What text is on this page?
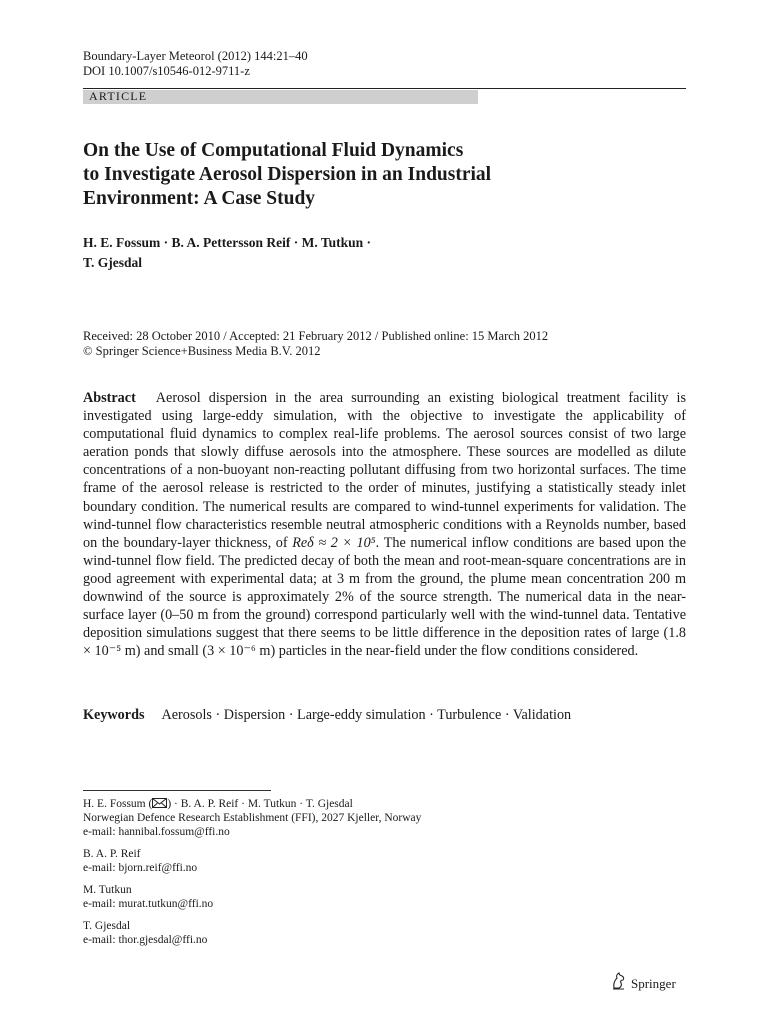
Boundary-Layer Meteorol (2012) 144:21–40
DOI 10.1007/s10546-012-9711-z
ARTICLE
On the Use of Computational Fluid Dynamics
to Investigate Aerosol Dispersion in an Industrial
Environment: A Case Study
H. E. Fossum · B. A. Pettersson Reif · M. Tutkun ·
T. Gjesdal
Received: 28 October 2010 / Accepted: 21 February 2012 / Published online: 15 March 2012
© Springer Science+Business Media B.V. 2012
Abstract Aerosol dispersion in the area surrounding an existing biological treatment facility is investigated using large-eddy simulation, with the objective to investigate the applicability of computational fluid dynamics to complex real-life problems. The aerosol sources consist of two large aeration ponds that slowly diffuse aerosols into the atmosphere. These sources are modelled as dilute concentrations of a non-buoyant non-reacting pollutant diffusing from two horizontal surfaces. The time frame of the aerosol release is restricted to the order of minutes, justifying a statistically steady inlet boundary condition. The numerical results are compared to wind-tunnel experiments for validation. The wind-tunnel flow characteristics resemble neutral atmospheric conditions with a Reynolds number, based on the boundary-layer thickness, of Reδ ≈ 2 × 10⁵. The numerical inflow conditions are based upon the wind-tunnel flow field. The predicted decay of both the mean and root-mean-square concentrations are in good agreement with experimental data; at 3 m from the ground, the plume mean concentration 200 m downwind of the source is approximately 2% of the source strength. The numerical data in the near-surface layer (0–50 m from the ground) correspond particularly well with the wind-tunnel data. Tentative deposition simulations suggest that there seems to be little difference in the deposition rates of large (1.8 × 10⁻⁵ m) and small (3 × 10⁻⁶ m) particles in the near-field under the flow conditions considered.
Keywords Aerosols · Dispersion · Large-eddy simulation · Turbulence · Validation
H. E. Fossum ( ) · B. A. P. Reif · M. Tutkun · T. Gjesdal
Norwegian Defence Research Establishment (FFI), 2027 Kjeller, Norway
e-mail: hannibal.fossum@ffi.no
B. A. P. Reif
e-mail: bjorn.reif@ffi.no
M. Tutkun
e-mail: murat.tutkun@ffi.no
T. Gjesdal
e-mail: thor.gjesdal@ffi.no
Springer
